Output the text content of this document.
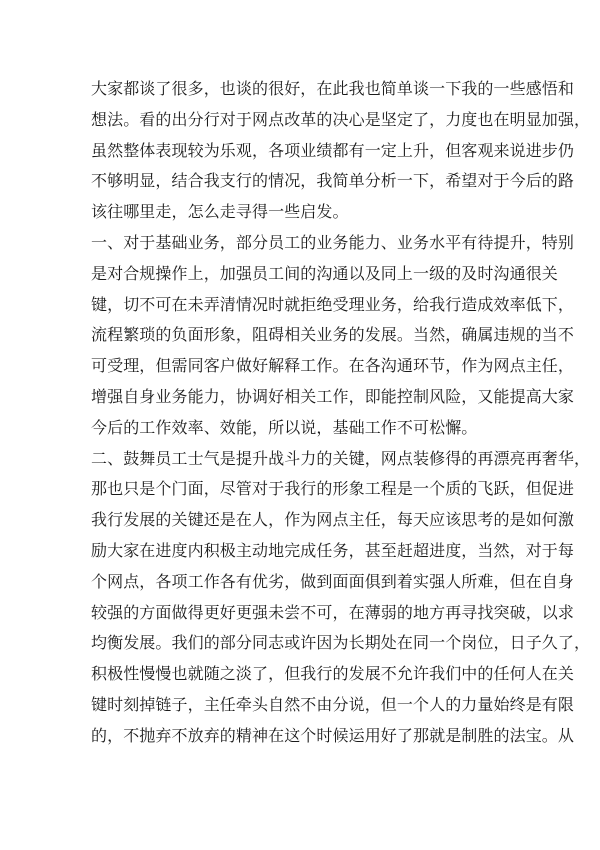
大家都谈了很多，也谈的很好，在此我也简单谈一下我的一些感悟和
想法。看的出分行对于网点改革的决心是坚定了，力度也在明显加强，
虽然整体表现较为乐观，各项业绩都有一定上升，但客观来说进步仍
不够明显，结合我支行的情况，我简单分析一下，希望对于今后的路
该往哪里走，怎么走寻得一些启发。
一、对于基础业务，部分员工的业务能力、业务水平有待提升，特别
是对合规操作上，加强员工间的沟通以及同上一级的及时沟通很关
键，切不可在未弄清情况时就拒绝受理业务，给我行造成效率低下，
流程繁琐的负面形象，阻碍相关业务的发展。当然，确属违规的当不
可受理，但需同客户做好解释工作。在各沟通环节，作为网点主任，
增强自身业务能力，协调好相关工作，即能控制风险，又能提高大家
今后的工作效率、效能，所以说，基础工作不可松懈。
二、鼓舞员工士气是提升战斗力的关键，网点装修得的再漂亮再奢华，
那也只是个门面，尽管对于我行的形象工程是一个质的飞跃，但促进
我行发展的关键还是在人，作为网点主任，每天应该思考的是如何激
励大家在进度内积极主动地完成任务，甚至赶超进度，当然，对于每
个网点，各项工作各有优劣，做到面面俱到着实强人所难，但在自身
较强的方面做得更好更强未尝不可，在薄弱的地方再寻找突破，以求
均衡发展。我们的部分同志或许因为长期处在同一个岗位，日子久了，
积极性慢慢也就随之淡了，但我行的发展不允许我们中的任何人在关
键时刻掉链子，主任牵头自然不由分说，但一个人的力量始终是有限
的，不抛弃不放弃的精神在这个时候运用好了那就是制胜的法宝。从
